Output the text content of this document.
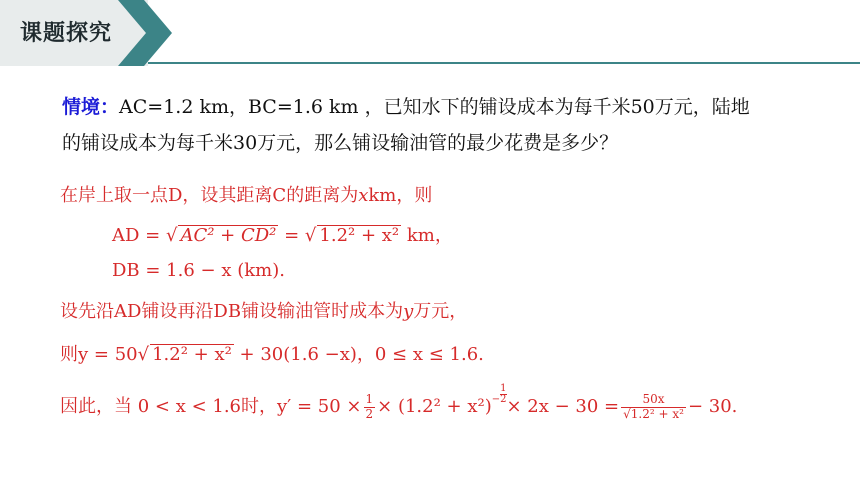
课题探究
情境：AC=1.2 km，BC=1.6 km ，已知水下的铺设成本为每千米50万元，陆地
的铺设成本为每千米30万元，那么铺设输油管的最少花费是多少？
在岸上取一点D，设其距离C的距离为xkm，则
AD = √ AC² + CD² = √ 1.2² + x² km，
DB = 1.6 − x (km).
设先沿AD铺设再沿DB铺设输油管时成本为y万元，
则y = 50√ 1.2² + x² + 30(1.6 −x)，0 ≤ x ≤ 1.6.
因此，当 0 < x < 1.6时，$y' = 50 \times \frac{1}{2} \times (1.2^2 + x^2) - \frac{1}{2}$
× $2x - 30 = \frac{50x}{\text{√1.2² + x²}} - 30$.
